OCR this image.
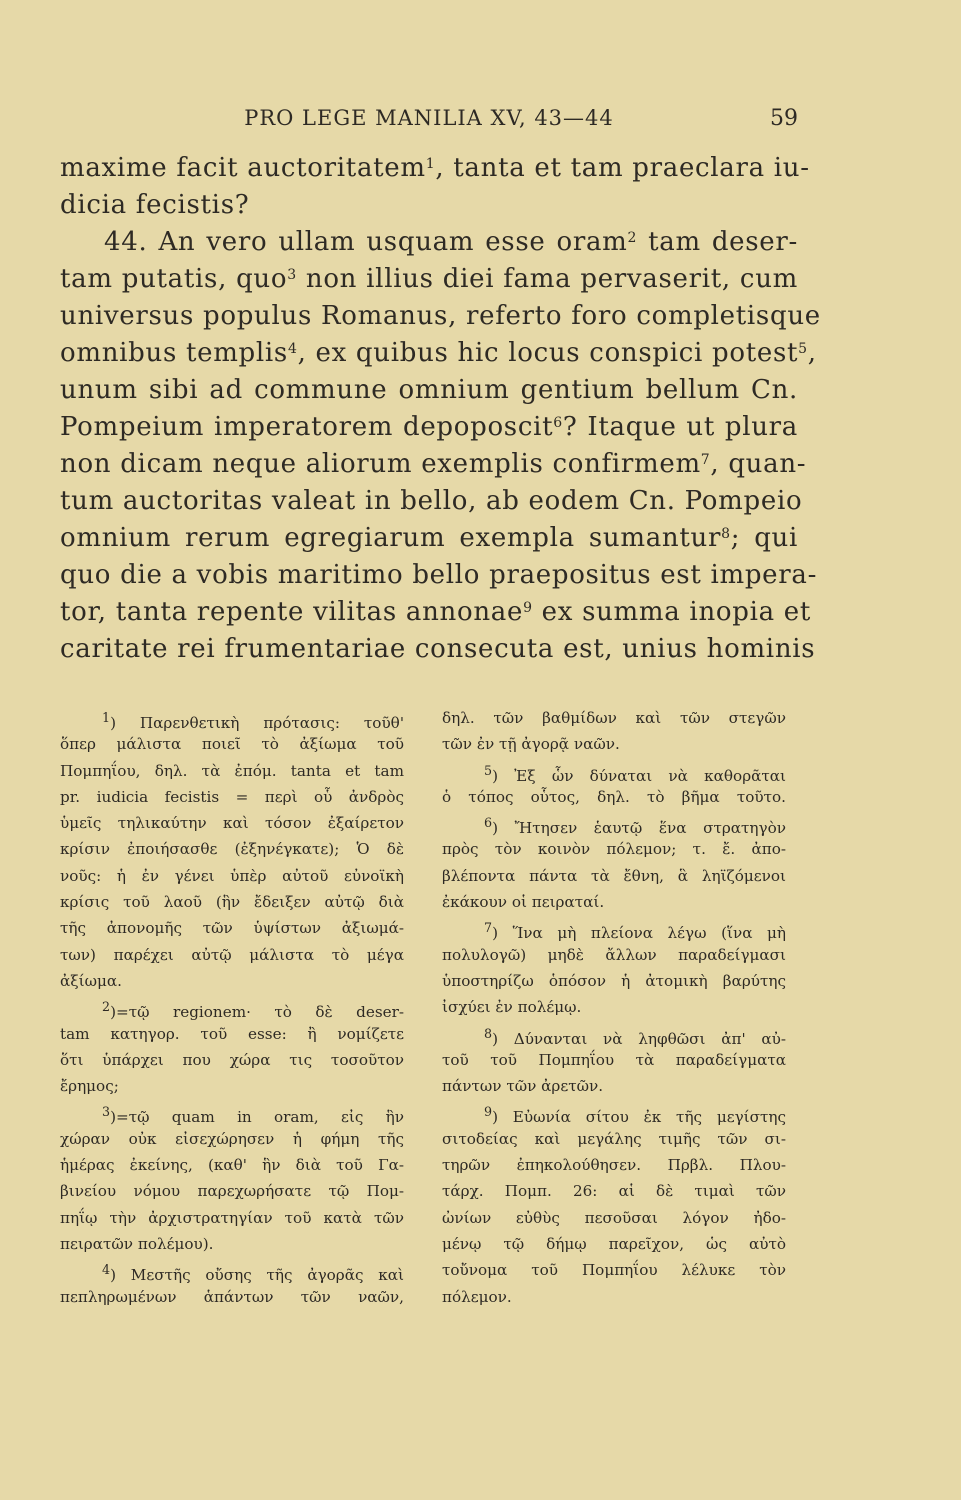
PRO LEGE MANILIA XV, 43—44	59
maxime facit auctoritatem$^1$, tanta et tam praeclara iu-
dicia fecistis?
44. An vero ullam usquam esse oram$^2$ tam deser-
tam putatis, quo$^3$ non illius diei fama pervaserit, cum
universus populus Romanus, referto foro completisque
omnibus templis$^4$, ex quibus hic locus conspici potest$^5$,
unum sibi ad commune omnium gentium bellum Cn.
Pompeium imperatorem depoposcit$^6$? Itaque ut plura
non dicam neque aliorum exemplis confirmem$^7$, quan-
tum auctoritas valeat in bello, ab eodem Cn. Pompeio
omnium rerum egregiarum exempla sumantur$^8$; qui
quo die a vobis maritimo bello praepositus est impera-
tor, tanta repente vilitas annonae$^9$ ex summa inopia et
caritate rei frumentariae consecuta est, unius hominis
$^1$) Παρενθετικὴ πρότασις: τοῦθ'
ὅπερ μάλιστα ποιεῖ τὸ ἀξίωμα τοῦ
Πομπηΐου, δηλ. τὰ ἐπόμ. tanta et tam
pr. iudicia fecistis = περὶ οὗ ἀνδρὸς
ὑμεῖς τηλικαύτην καὶ τόσον ἐξαίρετον
κρίσιν ἐποιήσασθε (ἐξηνέγκατε); Ὁ δὲ
νοῦς: ἡ ἐν γένει ὑπὲρ αὐτοῦ εὐνοϊκὴ
κρίσις τοῦ λαοῦ (ἣν ἔδειξεν αὐτῷ διὰ
τῆς ἀπονομῆς τῶν ὑψίστων ἀξιωμά-
των) παρέχει αὐτῷ μάλιστα τὸ μέγα
ἀξίωμα.
$^2$)=τῷ regionem· τὸ δὲ deser-
tam κατηγορ. τοῦ esse: ἢ νομίζετε
ὅτι ὑπάρχει που χώρα τις τοσοῦτον
ἔρημος;
$^3$)=τῷ quam in oram, εἰς ἣν
χώραν οὐκ εἰσεχώρησεν ἡ φήμη τῆς
ἡμέρας ἐκείνης, (καθ' ἣν διὰ τοῦ Γα-
βινείου νόμου παρεχωρήσατε τῷ Πομ-
πηΐῳ τὴν ἀρχιστρατηγίαν τοῦ κατὰ τῶν
πειρατῶν πολέμου).
$^4$) Μεστῆς οὔσης τῆς ἀγορᾶς καὶ
πεπληρωμένων ἁπάντων τῶν ναῶν,
δηλ. τῶν βαθμίδων καὶ τῶν στεγῶν
τῶν ἐν τῇ ἀγορᾷ ναῶν.
$^5$) Ἐξ ὧν δύναται νὰ καθορᾶται
ὁ τόπος οὗτος, δηλ. τὸ βῆμα τοῦτο.
$^6$) Ἤτησεν ἑαυτῷ ἕνα στρατηγὸν
πρὸς τὸν κοινὸν πόλεμον; τ. ἔ. ἀπο-
βλέποντα πάντα τὰ ἔθνη, ἃ ληϊζόμενοι
ἐκάκουν οἱ πειραταί.
$^7$) Ἵνα μὴ πλείονα λέγω (ἵνα μὴ
πολυλογῶ) μηδὲ ἄλλων παραδείγμασι
ὑποστηρίζω ὁπόσον ἡ ἀτομικὴ βαρύτης
ἰσχύει ἐν πολέμῳ.
$^8$) Δύνανται νὰ ληφθῶσι ἀπ' αὐ-
τοῦ τοῦ Πομπηΐου τὰ παραδείγματα
πάντων τῶν ἀρετῶν.
$^9$) Εὐωνία σίτου ἐκ τῆς μεγίστης
σιτοδείας καὶ μεγάλης τιμῆς τῶν σι-
τηρῶν ἐπηκολούθησεν. Πρβλ. Πλου-
τάρχ. Πομπ. 26: αἱ δὲ τιμαὶ τῶν
ὠνίων εὐθὺς πεσοῦσαι λόγον ἠδο-
μένῳ τῷ δήμῳ παρεῖχον, ὡς αὐτὸ
τοὔνομα τοῦ Πομπηΐου λέλυκε τὸν
πόλεμον.
